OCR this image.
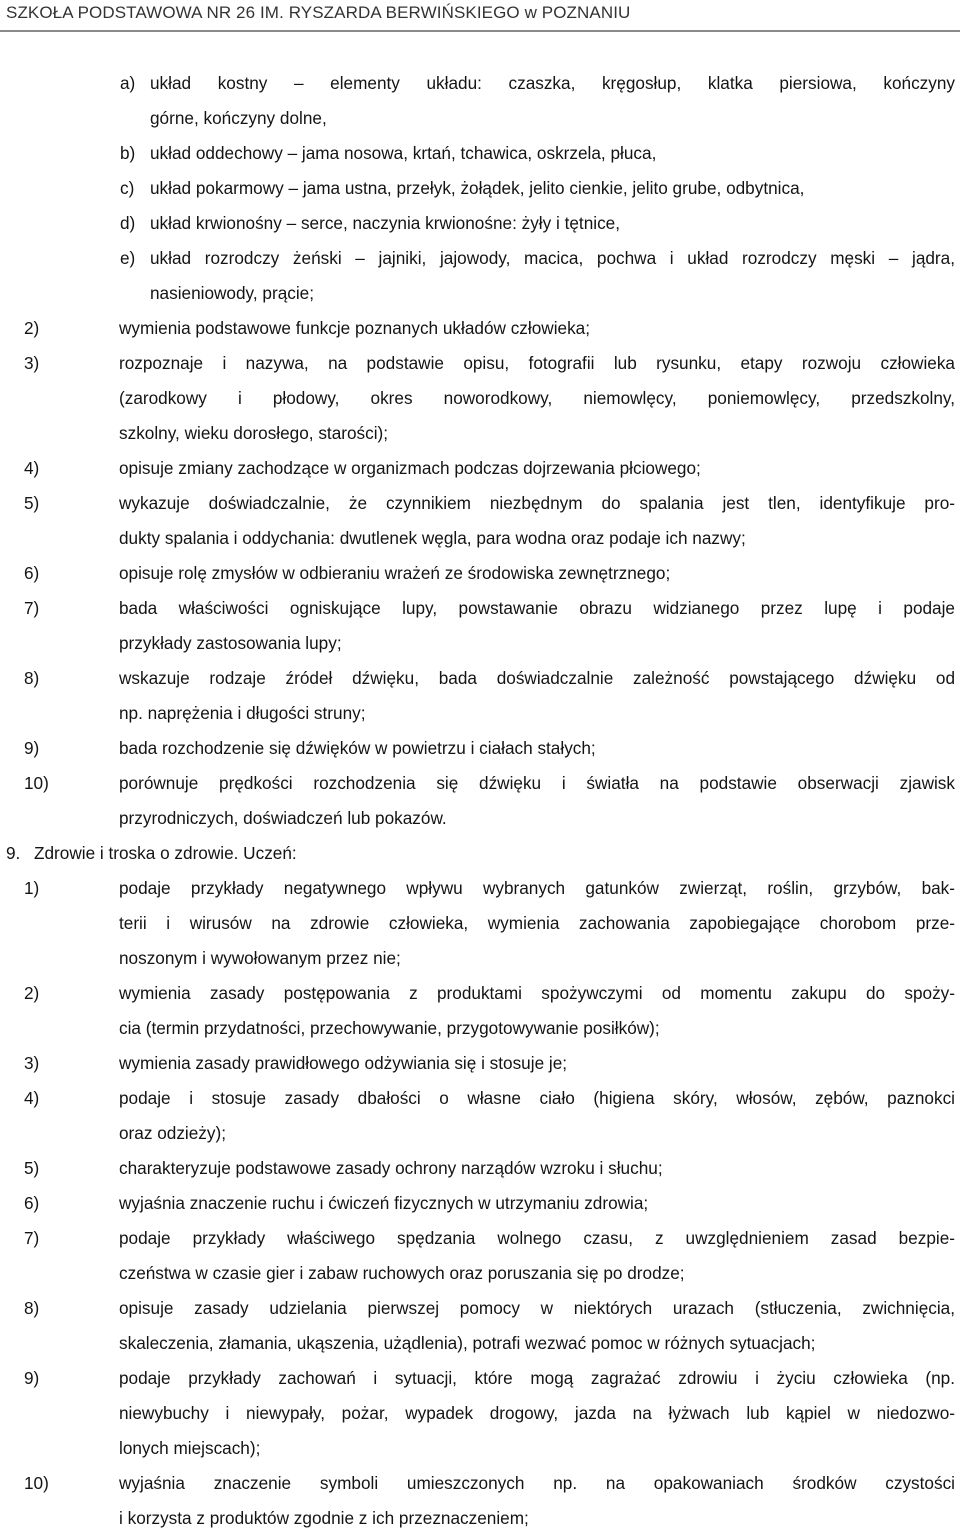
SZKOŁA PODSTAWOWA NR 26 IM. RYSZARDA BERWIŃSKIEGO w POZNANIU
a) układ kostny – elementy układu: czaszka, kręgosłup, klatka piersiowa, kończyny
górne, kończyny dolne,
b) układ oddechowy – jama nosowa, krtań, tchawica, oskrzela, płuca,
c) układ pokarmowy – jama ustna, przełyk, żołądek, jelito cienkie, jelito grube, odbytnica,
d) układ krwionośny – serce, naczynia krwionośne: żyły i tętnice,
e) układ rozrodczy żeński – jajniki, jajowody, macica, pochwa i układ rozrodczy męski – jądra,
nasieniowody, prącie;
2)	wymienia podstawowe funkcje poznanych układów człowieka;
3)	rozpoznaje i nazywa, na podstawie opisu, fotografii lub rysunku, etapy rozwoju człowieka
(zarodkowy i płodowy, okres noworodkowy, niemowlęcy, poniemowlęcy, przedszkolny,
szkolny, wieku dorosłego, starości);
4)	opisuje zmiany zachodzące w organizmach podczas dojrzewania płciowego;
5)	wykazuje doświadczalnie, że czynnikiem niezbędnym do spalania jest tlen, identyfikuje pro-
dukty spalania i oddychania: dwutlenek węgla, para wodna oraz podaje ich nazwy;
6)	opisuje rolę zmysłów w odbieraniu wrażeń ze środowiska zewnętrznego;
7)	bada właściwości ogniskujące lupy, powstawanie obrazu widzianego przez lupę i podaje
przykłady zastosowania lupy;
8)	wskazuje rodzaje źródeł dźwięku, bada doświadczalnie zależność powstającego dźwięku od
np. naprężenia i długości struny;
9)	bada rozchodzenie się dźwięków w powietrzu i ciałach stałych;
10)	porównuje prędkości rozchodzenia się dźwięku i światła na podstawie obserwacji zjawisk
przyrodniczych, doświadczeń lub pokazów.
9. Zdrowie i troska o zdrowie. Uczeń:
1)	podaje przykłady negatywnego wpływu wybranych gatunków zwierząt, roślin, grzybów, bak-
terii i wirusów na zdrowie człowieka, wymienia zachowania zapobiegające chorobom prze-
noszonym i wywołowanym przez nie;
2)	wymienia zasady postępowania z produktami spożywczymi od momentu zakupu do spoży-
cia (termin przydatności, przechowywanie, przygotowywanie posiłków);
3)	wymienia zasady prawidłowego odżywiania się i stosuje je;
4)	podaje i stosuje zasady dbałości o własne ciało (higiena skóry, włosów, zębów, paznokci
oraz odzieży);
5)	charakteryzuje podstawowe zasady ochrony narządów wzroku i słuchu;
6)	wyjaśnia znaczenie ruchu i ćwiczeń fizycznych w utrzymaniu zdrowia;
7)	podaje przykłady właściwego spędzania wolnego czasu, z uwzględnieniem zasad bezpie-
czeństwa w czasie gier i zabaw ruchowych oraz poruszania się po drodze;
8)	opisuje zasady udzielania pierwszej pomocy w niektórych urazach (stłuczenia, zwichnięcia,
skaleczenia, złamania, ukąszenia, użądlenia), potrafi wezwać pomoc w różnych sytuacjach;
9)	podaje przykłady zachowań i sytuacji, które mogą zagrażać zdrowiu i życiu człowieka (np.
niewybuchy i niewypały, pożar, wypadek drogowy, jazda na łyżwach lub kąpiel w niedozwo-
lonych miejscach);
10)	wyjaśnia znaczenie symboli umieszczonych np. na opakowaniach środków czystości
i korzysta z produktów zgodnie z ich przeznaczeniem;
